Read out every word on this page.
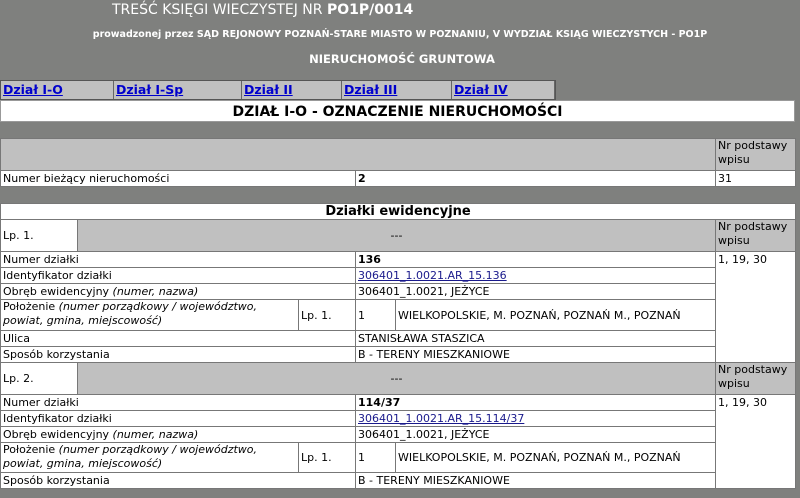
TREŚĆ KSIĘGI WIECZYSTEJ NR PO1P/0014
prowadzonej przez SĄD REJONOWY POZNAŃ-STARE MIASTO W POZNANIU, V WYDZIAŁ KSIĄG WIECZYSTYCH - PO1P
NIERUCHOMOŚĆ GRUNTOWA
Dział I-O	Dział I-Sp	Dział II	Dział III	Dział IV
DZIAŁ I-O - OZNACZENIE NIERUCHOMOŚCI
		Nr podstawy wpisu
Numer bieżący nieruchomości	2	31
Działki ewidencyjne					
Lp. 1.	---				Nr podstawy wpisu
Numer działki			136		1, 19, 30
Identyfikator działki			306401_1.0021.AR_15.136		
Obręb ewidencyjny (numer, nazwa)			306401_1.0021, JEŻYCE		
Położenie (numer porządkowy / województwo, powiat, gmina, miejscowość)		Lp. 1.	1	WIELKOPOLSKIE, M. POZNAŃ, POZNAŃ M., POZNAŃ	
Ulica			STANISŁAWA STASZICA		
Sposób korzystania			B - TERENY MIESZKANIOWE		
Lp. 2.	---				Nr podstawy wpisu
Numer działki			114/37		1, 19, 30
Identyfikator działki			306401_1.0021.AR_15.114/37		
Obręb ewidencyjny (numer, nazwa)			306401_1.0021, JEŻYCE		
Położenie (numer porządkowy / województwo, powiat, gmina, miejscowość)		Lp. 1.	1	WIELKOPOLSKIE, M. POZNAŃ, POZNAŃ M., POZNAŃ	
Sposób korzystania			B - TERENY MIESZKANIOWE		
